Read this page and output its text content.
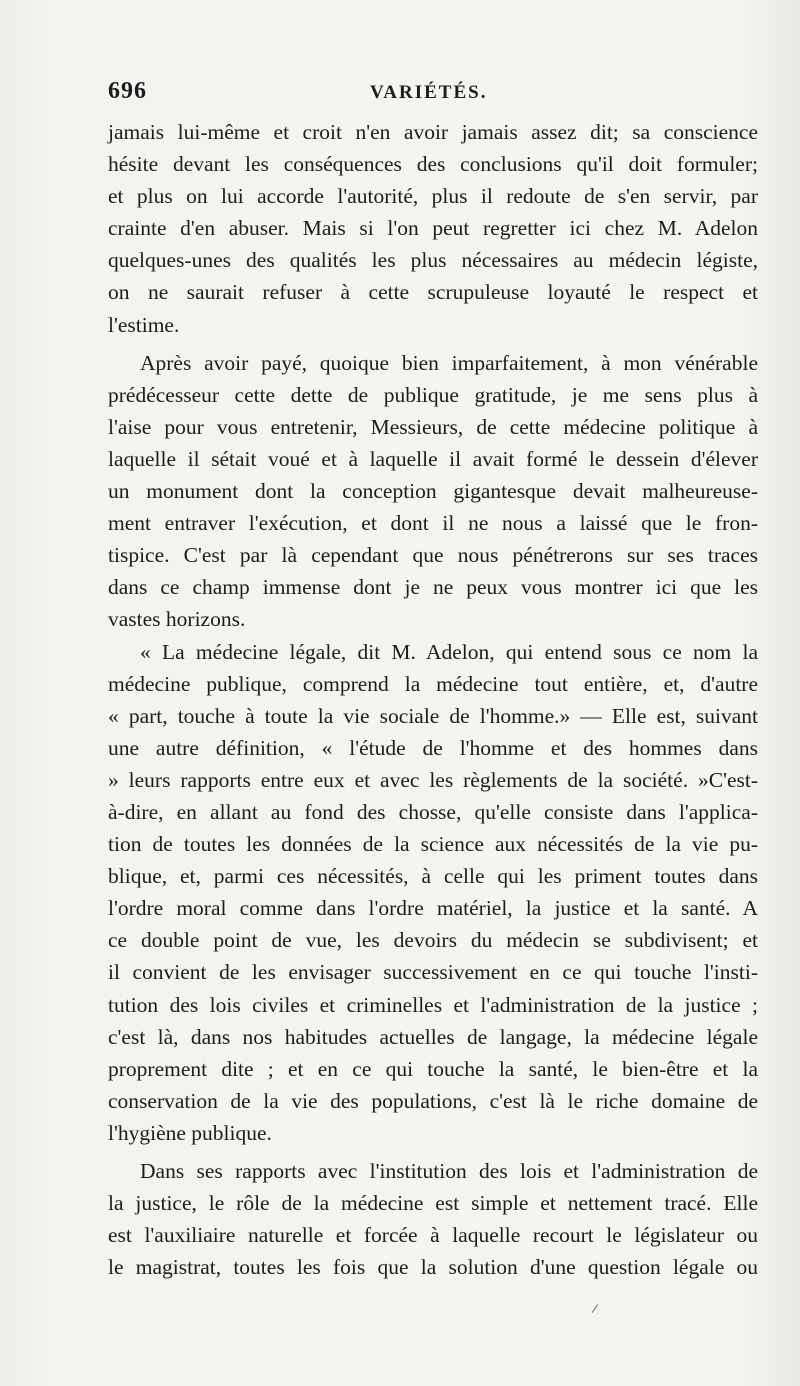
696	VARIÉTÉS.
jamais lui-même et croit n'en avoir jamais assez dit; sa conscience
hésite devant les conséquences des conclusions qu'il doit formuler;
et plus on lui accorde l'autorité, plus il redoute de s'en servir, par
crainte d'en abuser. Mais si l'on peut regretter ici chez M. Adelon
quelques-unes des qualités les plus nécessaires au médecin légiste,
on ne saurait refuser à cette scrupuleuse loyauté le respect et
l'estime.
Après avoir payé, quoique bien imparfaitement, à mon vénérable
prédécesseur cette dette de publique gratitude, je me sens plus à
l'aise pour vous entretenir, Messieurs, de cette médecine politique à
laquelle il sétait voué et à laquelle il avait formé le dessein d'élever
un monument dont la conception gigantesque devait malheureuse-
ment entraver l'exécution, et dont il ne nous a laissé que le fron-
tispice. C'est par là cependant que nous pénétrerons sur ses traces
dans ce champ immense dont je ne peux vous montrer ici que les
vastes horizons.
« La médecine légale, dit M. Adelon, qui entend sous ce nom la
médecine publique, comprend la médecine tout entière, et, d'autre
« part, touche à toute la vie sociale de l'homme.» — Elle est, suivant
une autre définition, « l'étude de l'homme et des hommes dans
» leurs rapports entre eux et avec les règlements de la société. »C'est-
à-dire, en allant au fond des chosse, qu'elle consiste dans l'applica-
tion de toutes les données de la science aux nécessités de la vie pu-
blique, et, parmi ces nécessités, à celle qui les priment toutes dans
l'ordre moral comme dans l'ordre matériel, la justice et la santé. A
ce double point de vue, les devoirs du médecin se subdivisent; et
il convient de les envisager successivement en ce qui touche l'insti-
tution des lois civiles et criminelles et l'administration de la justice ;
c'est là, dans nos habitudes actuelles de langage, la médecine légale
proprement dite ; et en ce qui touche la santé, le bien-être et la
conservation de la vie des populations, c'est là le riche domaine de
l'hygiène publique.
Dans ses rapports avec l'institution des lois et l'administration de
la justice, le rôle de la médecine est simple et nettement tracé. Elle
est l'auxiliaire naturelle et forcée à laquelle recourt le législateur ou
le magistrat, toutes les fois que la solution d'une question légale ou
